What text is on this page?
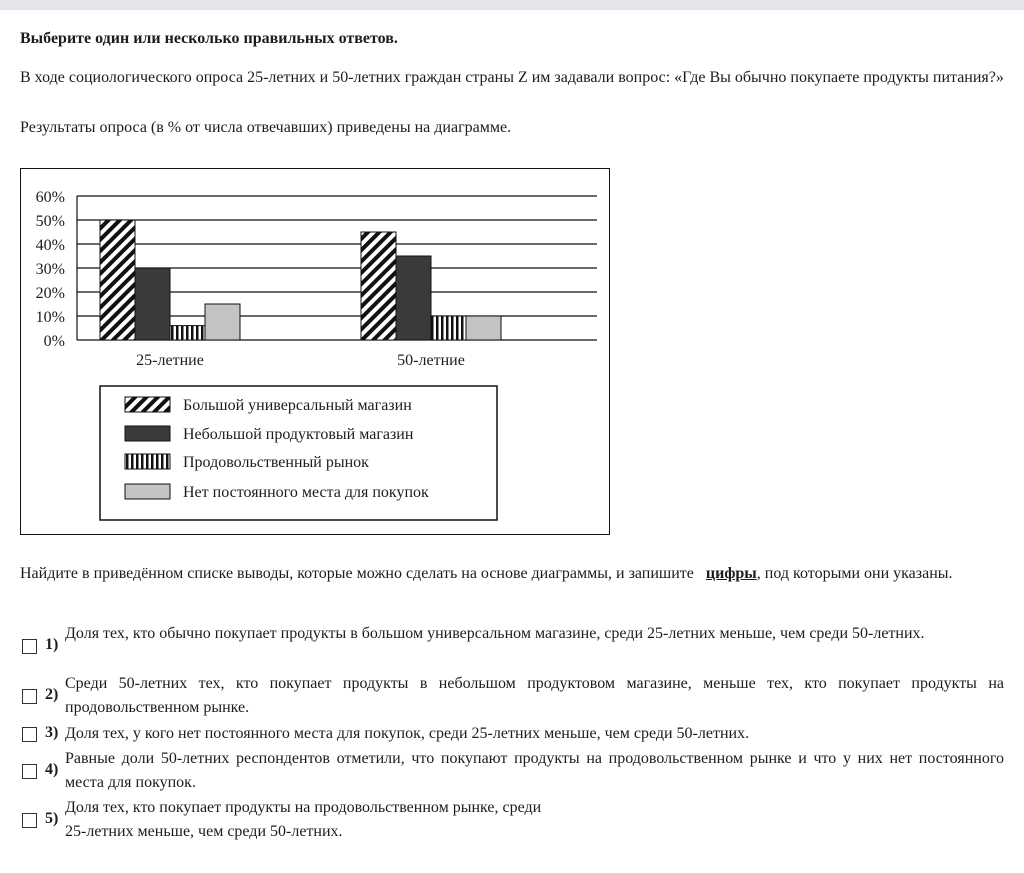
Выберите один или несколько правильных ответов.

В ходе социологического опроса 25-летних и 50-летних граждан страны Z им задавали вопрос: «Где Вы обычно покупаете продукты питания?»

Результаты опроса (в % от числа отвечавших) приведены на диаграмме.

0%
10%
20%
30%
40%
50%
60%
25-летние	50-летние
Большой универсальный магазин
Небольшой продуктовый магазин
Продовольственный рынок
Нет постоянного места для покупок

Найдите в приведённом списке выводы, которые можно сделать на основе диаграммы, и запишите цифры, под которыми они указаны.

1)
Доля тех, кто обычно покупает продукты в большом универсальном магазине, среди 25-летних меньше, чем среди 50-летних.
2)
Среди 50-летних тех, кто покупает продукты в небольшом продуктовом магазине, меньше тех, кто покупает продукты на продовольственном рынке.
3) Доля тех, у кого нет постоянного места для покупок, среди 25-летних меньше, чем среди 50-летних.
4)
Равные доли 50-летних респондентов отметили, что покупают продукты на продовольственном рынке и что у них нет постоянного места для покупок.
5)
Доля тех, кто покупает продукты на продовольственном рынке, среди
25-летних меньше, чем среди 50-летних.
